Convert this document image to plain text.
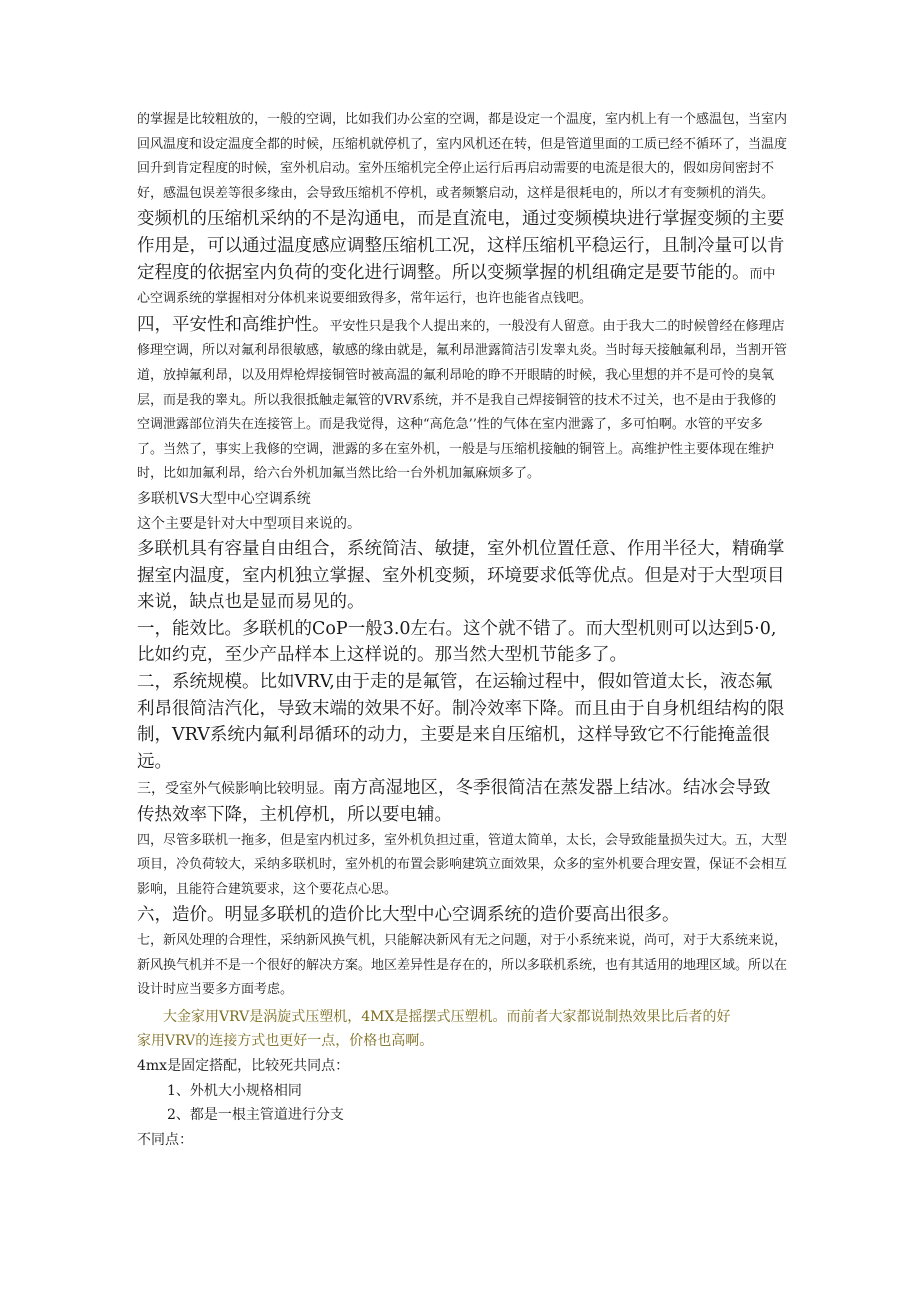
的掌握是比较粗放的，一般的空调，比如我们办公室的空调，都是设定一个温度，室内机上有一个感温包，当室内回风温度和设定温度全都的时候，压缩机就停机了，室内风机还在转，但是管道里面的工质已经不循环了，当温度回升到肯定程度的时候，室外机启动。室外压缩机完全停止运行后再启动需要的电流是很大的，假如房间密封不好，感温包误差等很多缘由，会导致压缩机不停机，或者频繁启动，这样是很耗电的，所以才有变频机的消失。变频机的压缩机采纳的不是沟通电，而是直流电，通过变频模块进行掌握变频的主要作用是，可以通过温度感应调整压缩机工况，这样压缩机平稳运行，且制冷量可以肯定程度的依据室内负荷的变化进行调整。所以变频掌握的机组确定是要节能的。而中心空调系统的掌握相对分体机来说要细致得多，常年运行，也许也能省点钱吧。

四，平安性和高维护性。平安性只是我个人提出来的，一般没有人留意。由于我大二的时候曾经在修理店修理空调，所以对氟利昂很敏感，敏感的缘由就是，氟利昂泄露简洁引发睾丸炎。当时每天接触氟利昂，当割开管道，放掉氟利昂，以及用焊枪焊接铜管时被高温的氟利昂呛的睁不开眼睛的时候，我心里想的并不是可怜的臭氧层，而是我的睾丸。所以我很抵触走氟管的VRV系统，并不是我自己焊接铜管的技术不过关，也不是由于我修的空调泄露部位消失在连接管上。而是我觉得，这种“高危急’’性的气体在室内泄露了，多可怕啊。水管的平安多了。当然了，事实上我修的空调，泄露的多在室外机，一般是与压缩机接触的铜管上。高维护性主要体现在维护时，比如加氟利昂，给六台外机加氟当然比给一台外机加氟麻烦多了。

多联机VS大型中心空调系统

这个主要是针对大中型项目来说的。

多联机具有容量自由组合，系统简洁、敏捷，室外机位置任意、作用半径大，精确掌握室内温度，室内机独立掌握、室外机变频，环境要求低等优点。但是对于大型项目来说，缺点也是显而易见的。

一，能效比。多联机的CoP一般3.0左右。这个就不错了。而大型机则可以达到5·0,比如约克，至少产品样本上这样说的。那当然大型机节能多了。

二，系统规模。比如VRV,由于走的是氟管，在运输过程中，假如管道太长，液态氟利昂很简洁汽化，导致末端的效果不好。制冷效率下降。而且由于自身机组结构的限制，VRV系统内氟利昂循环的动力，主要是来自压缩机，这样导致它不行能掩盖很远。

三，受室外气候影响比较明显。南方高湿地区，冬季很简洁在蒸发器上结冰。结冰会导致传热效率下降，主机停机，所以要电辅。

四，尽管多联机一拖多，但是室内机过多，室外机负担过重，管道太简单，太长，会导致能量损失过大。五，大型项目，冷负荷较大，采纳多联机时，室外机的布置会影响建筑立面效果，众多的室外机要合理安置，保证不会相互影响，且能符合建筑要求，这个要花点心思。

六，造价。明显多联机的造价比大型中心空调系统的造价要高出很多。

七，新风处理的合理性，采纳新风换气机，只能解决新风有无之问题，对于小系统来说，尚可，对于大系统来说，新风换气机并不是一个很好的解决方案。地区差异性是存在的，所以多联机系统，也有其适用的地理区域。所以在设计时应当要多方面考虑。

大金家用VRV是涡旋式压塑机，4MX是摇摆式压塑机。而前者大家都说制热效果比后者的好

家用VRV的连接方式也更好一点，价格也高啊。

4mx是固定搭配，比较死共同点：

1、外机大小规格相同

2、都是一根主管道进行分支

不同点：
